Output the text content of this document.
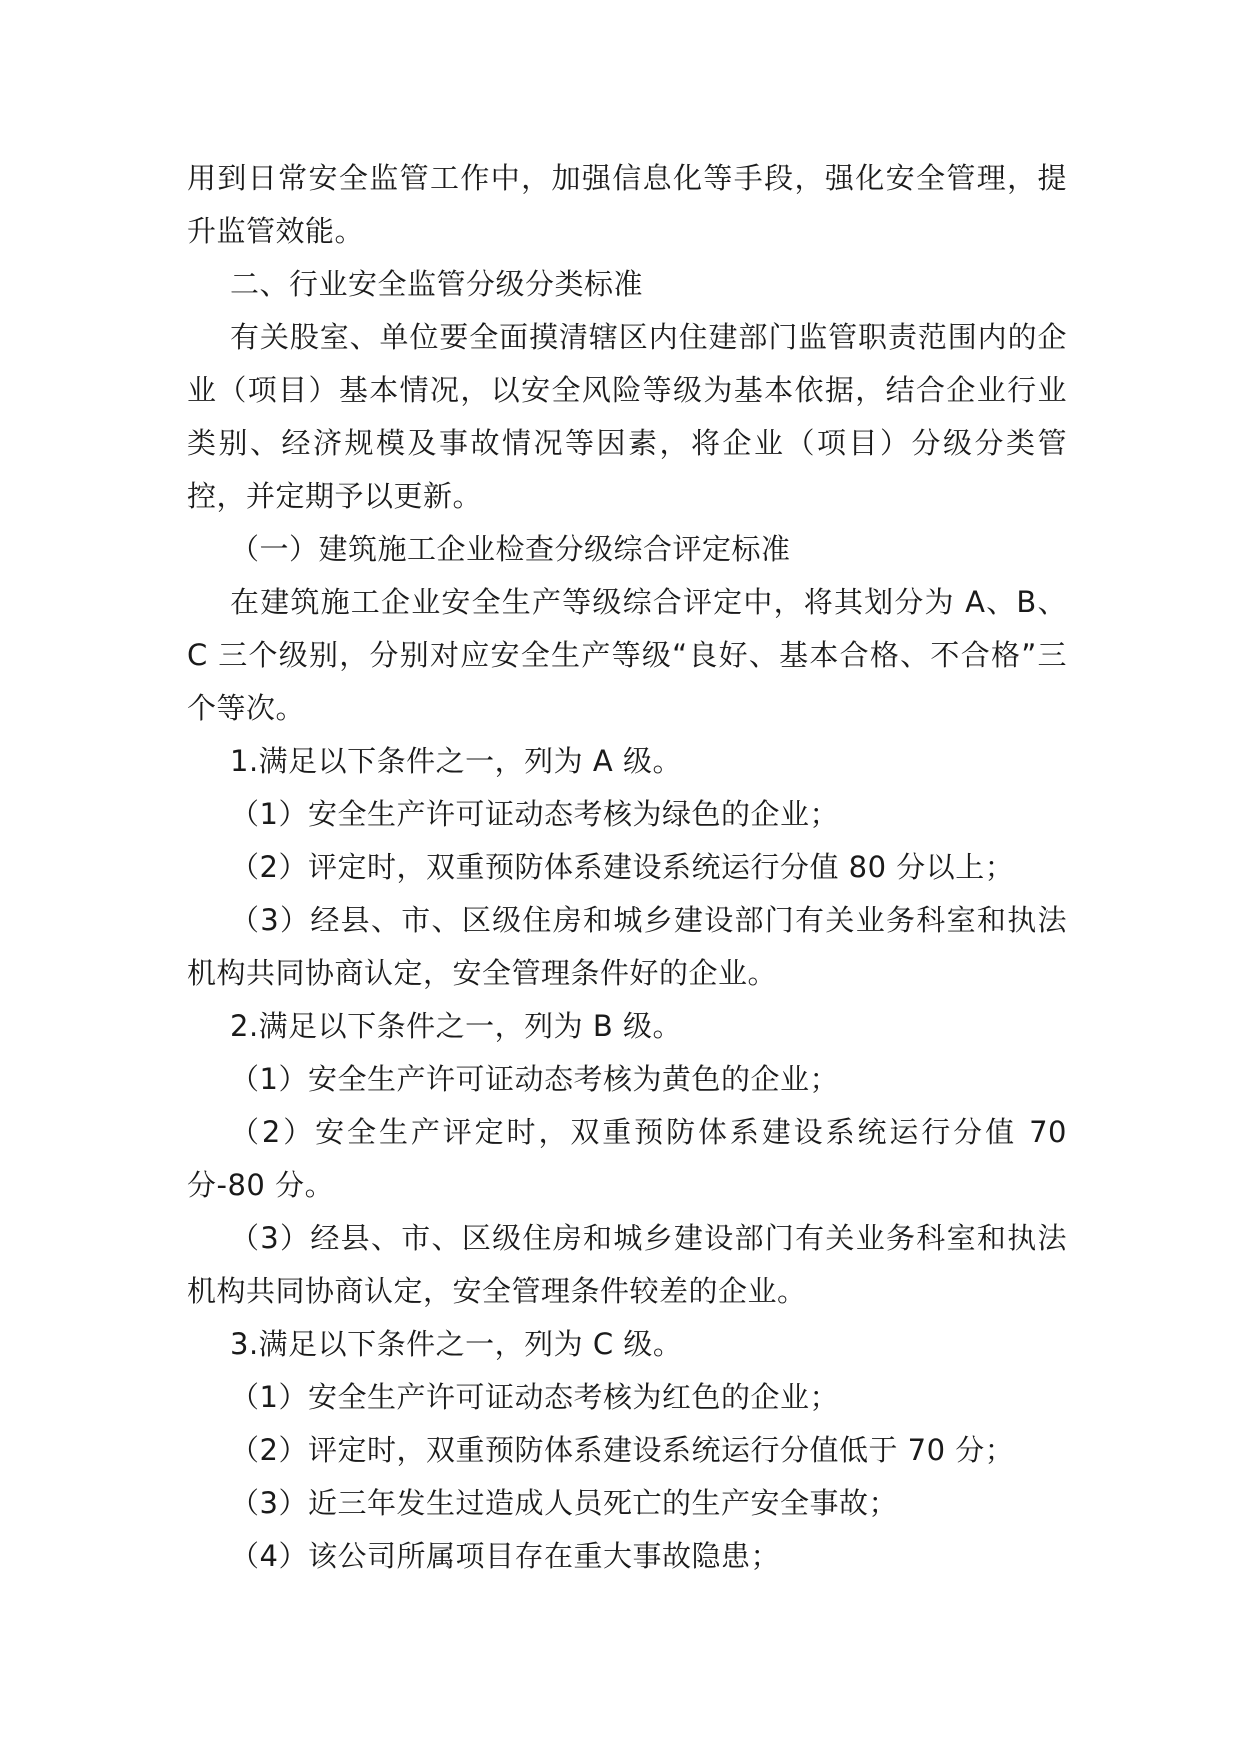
用到日常安全监管工作中，加强信息化等手段，强化安全管理，提升监管效能。

二、行业安全监管分级分类标准

有关股室、单位要全面摸清辖区内住建部门监管职责范围内的企业（项目）基本情况，以安全风险等级为基本依据，结合企业行业类别、经济规模及事故情况等因素，将企业（项目）分级分类管控，并定期予以更新。

（一）建筑施工企业检查分级综合评定标准

在建筑施工企业安全生产等级综合评定中，将其划分为 A、B、C 三个级别，分别对应安全生产等级“良好、基本合格、不合格”三个等次。

1.满足以下条件之一，列为 A 级。

（1）安全生产许可证动态考核为绿色的企业；

（2）评定时，双重预防体系建设系统运行分值 80 分以上；

（3）经县、市、区级住房和城乡建设部门有关业务科室和执法机构共同协商认定，安全管理条件好的企业。

2.满足以下条件之一，列为 B 级。

（1）安全生产许可证动态考核为黄色的企业；

（2）安全生产评定时，双重预防体系建设系统运行分值 70 分-80 分。

（3）经县、市、区级住房和城乡建设部门有关业务科室和执法机构共同协商认定，安全管理条件较差的企业。

3.满足以下条件之一，列为 C 级。

（1）安全生产许可证动态考核为红色的企业；

（2）评定时，双重预防体系建设系统运行分值低于 70 分；

（3）近三年发生过造成人员死亡的生产安全事故；

（4）该公司所属项目存在重大事故隐患；
